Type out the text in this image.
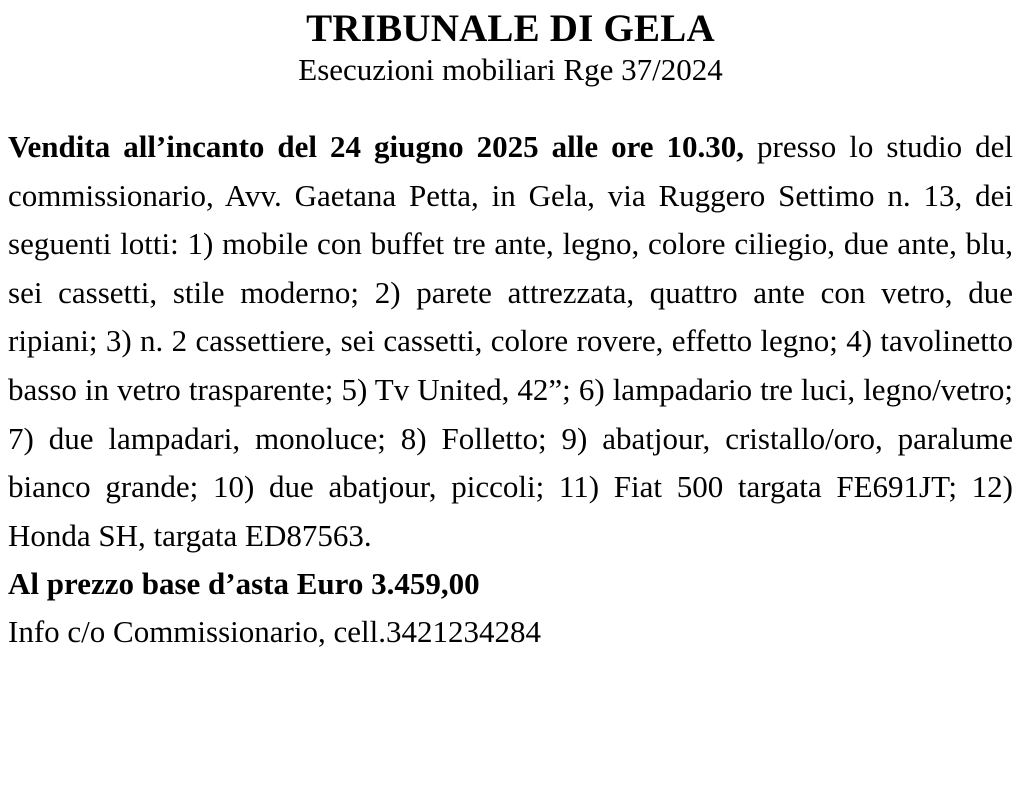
TRIBUNALE DI GELA
Esecuzioni mobiliari Rge 37/2024

Vendita all’incanto del 24 giugno 2025 alle ore 10.30, presso lo studio del commissionario, Avv. Gaetana Petta, in Gela, via Ruggero Settimo n. 13, dei seguenti lotti: 1) mobile con buffet tre ante, legno, colore ciliegio, due ante, blu, sei cassetti, stile moderno; 2) parete attrezzata, quattro ante con vetro, due ripiani; 3) n. 2 cassettiere, sei cassetti, colore rovere, effetto legno; 4) tavolinetto basso in vetro trasparente; 5) Tv United, 42”; 6) lampadario tre luci, legno/vetro; 7) due lampadari, monoluce; 8) Folletto; 9) abatjour, cristallo/oro, paralume bianco grande; 10) due abatjour, piccoli; 11) Fiat 500 targata FE691JT; 12) Honda SH, targata ED87563.

Al prezzo base d’asta Euro 3.459,00

Info c/o Commissionario, cell.3421234284
